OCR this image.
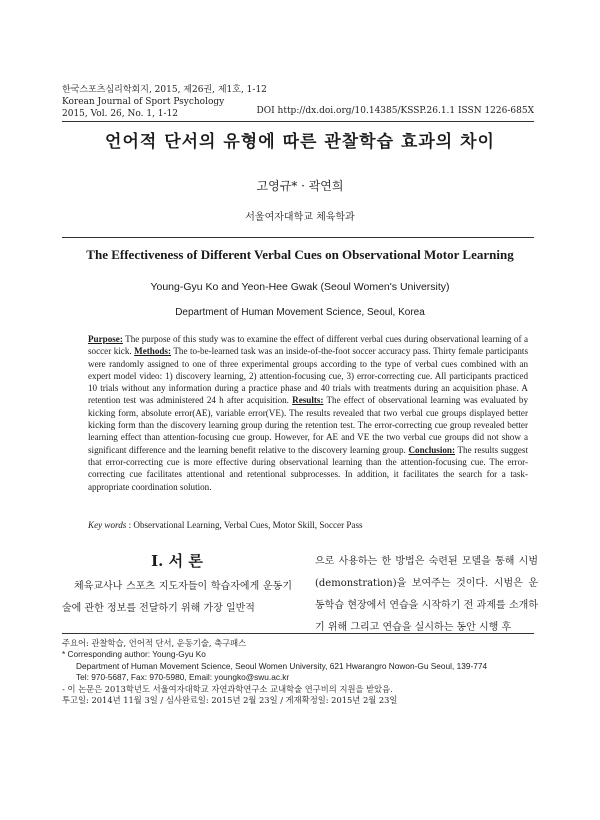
한국스포츠심리학회지, 2015, 제26권, 제1호, 1-12
Korean Journal of Sport Psychology
2015, Vol. 26, No. 1, 1-12	DOI http://dx.doi.org/10.14385/KSSP.26.1.1 ISSN 1226-685X
언어적 단서의 유형에 따른 관찰학습 효과의 차이
고영규* · 곽연희
서울여자대학교 체육학과
The Effectiveness of Different Verbal Cues on Observational Motor Learning
Young-Gyu Ko and Yeon-Hee Gwak (Seoul Women's University)
Department of Human Movement Science, Seoul, Korea
Purpose: The purpose of this study was to examine the effect of different verbal cues during observational learning of a soccer kick. Methods: The to-be-learned task was an inside-of-the-foot soccer accuracy pass. Thirty female participants were randomly assigned to one of three experimental groups according to the type of verbal cues combined with an expert model video: 1) discovery learning, 2) attention-focusing cue, 3) error-correcting cue. All participants practiced 10 trials without any information during a practice phase and 40 trials with treatments during an acquisition phase. A retention test was administered 24 h after acquisition. Results: The effect of observational learning was evaluated by kicking form, absolute error(AE), variable error(VE). The results revealed that two verbal cue groups displayed better kicking form than the discovery learning group during the retention test. The error-correcting cue group revealed better learning effect than attention-focusing cue group. However, for AE and VE the two verbal cue groups did not show a significant difference and the learning benefit relative to the discovery learning group. Conclusion: The results suggest that error-correcting cue is more effective during observational learning than the attention-focusing cue. The error-correcting cue facilitates attentional and retentional subprocesses. In addition, it facilitates the search for a task-appropriate coordination solution.
Key words : Observational Learning, Verbal Cues, Motor Skill, Soccer Pass
I. 서 론
체육교사나 스포츠 지도자들이 학습자에게 운동기술에 관한 정보를 전달하기 위해 가장 일반적
으로 사용하는 한 방법은 숙련된 모델을 통해 시범(demonstration)을 보여주는 것이다. 시범은 운동학습 현장에서 연습을 시작하기 전 과제를 소개하기 위해 그리고 연습을 실시하는 동안 시행 후
주요어: 관찰학습, 언어적 단서, 운동기술, 축구패스
* Corresponding author: Young-Gyu Ko
Department of Human Movement Science, Seoul Women University, 621 Hwarangro Nowon-Gu Seoul, 139-774
Tel: 970-5687, Fax: 970-5980, Email: youngko@swu.ac.kr
- 이 논문은 2013학년도 서울여자대학교 자연과학연구소 교내학술 연구비의 지원을 받았음.
투고일: 2014년 11월 3일 / 심사완료일: 2015년 2월 23일 / 게재확정일: 2015년 2월 23일
